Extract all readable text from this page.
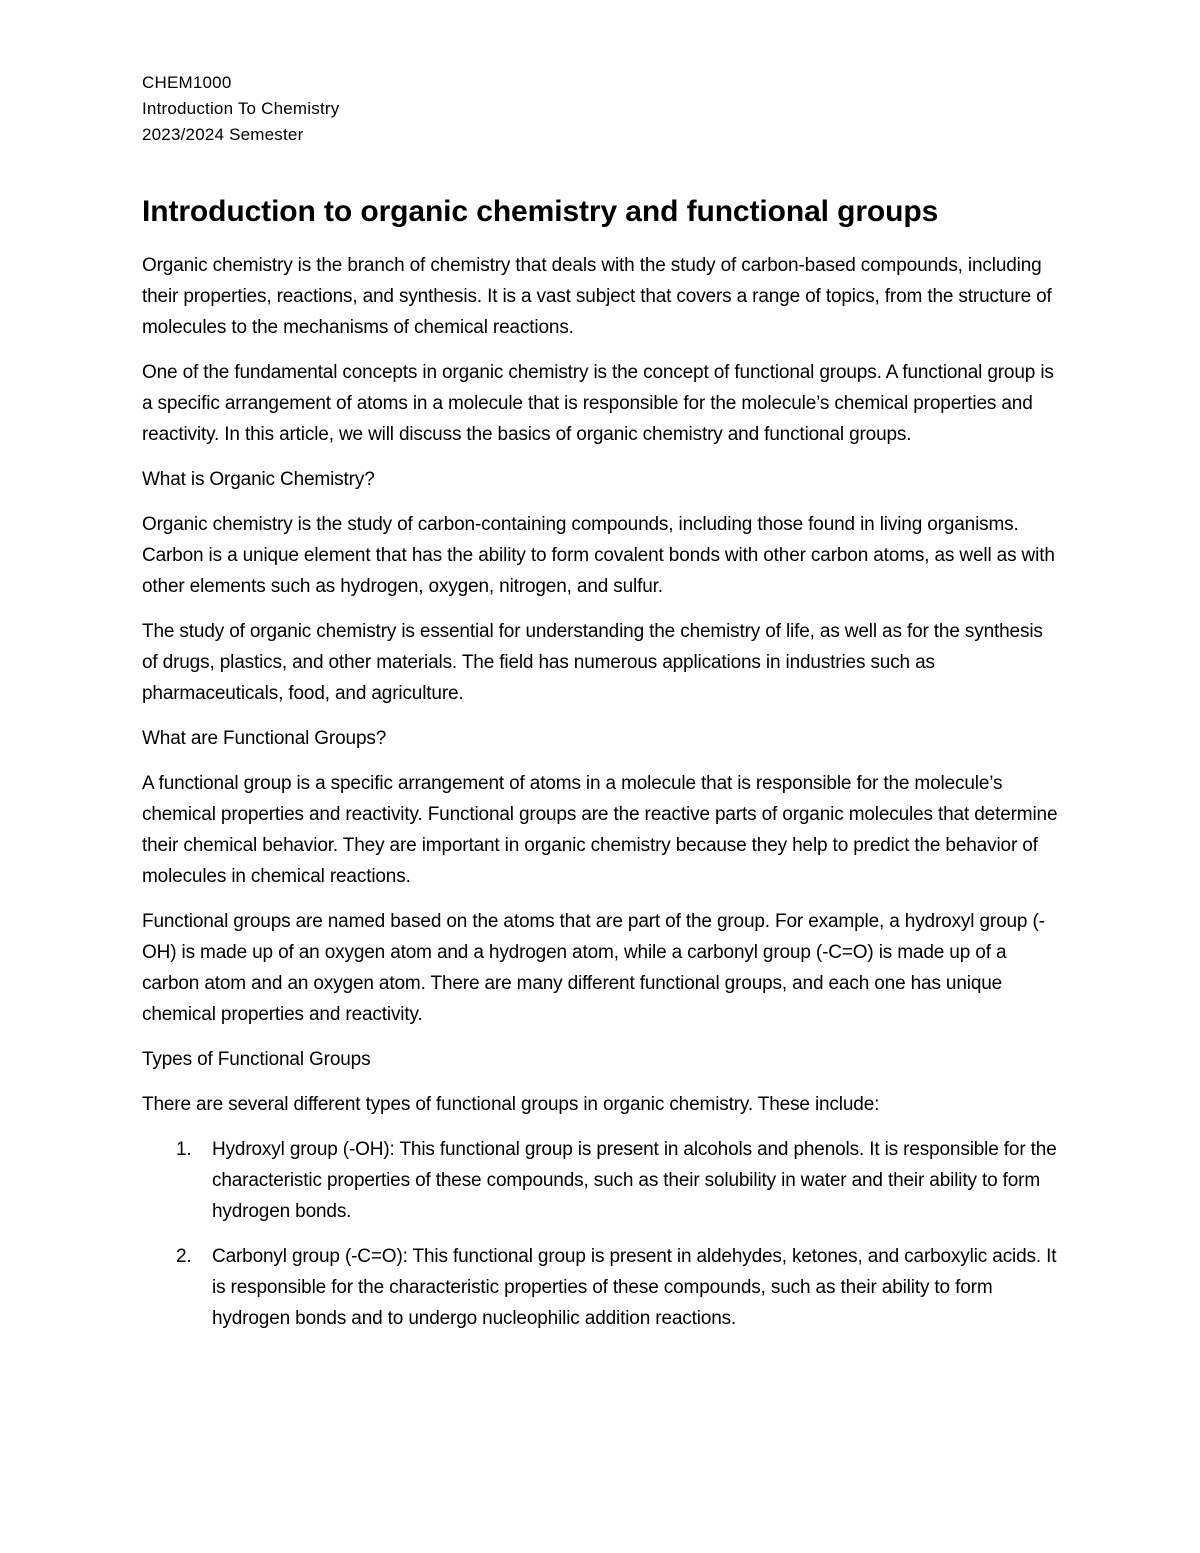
CHEM1000

Introduction To Chemistry

2023/2024 Semester

Introduction to organic chemistry and functional groups

Organic chemistry is the branch of chemistry that deals with the study of carbon-based compounds, including their properties, reactions, and synthesis. It is a vast subject that covers a range of topics, from the structure of molecules to the mechanisms of chemical reactions.

One of the fundamental concepts in organic chemistry is the concept of functional groups. A functional group is a specific arrangement of atoms in a molecule that is responsible for the molecule’s chemical properties and reactivity. In this article, we will discuss the basics of organic chemistry and functional groups.

What is Organic Chemistry?

Organic chemistry is the study of carbon-containing compounds, including those found in living organisms. Carbon is a unique element that has the ability to form covalent bonds with other carbon atoms, as well as with other elements such as hydrogen, oxygen, nitrogen, and sulfur.

The study of organic chemistry is essential for understanding the chemistry of life, as well as for the synthesis of drugs, plastics, and other materials. The field has numerous applications in industries such as pharmaceuticals, food, and agriculture.

What are Functional Groups?

A functional group is a specific arrangement of atoms in a molecule that is responsible for the molecule’s chemical properties and reactivity. Functional groups are the reactive parts of organic molecules that determine their chemical behavior. They are important in organic chemistry because they help to predict the behavior of molecules in chemical reactions.

Functional groups are named based on the atoms that are part of the group. For example, a hydroxyl group (-OH) is made up of an oxygen atom and a hydrogen atom, while a carbonyl group (-C=O) is made up of a carbon atom and an oxygen atom. There are many different functional groups, and each one has unique chemical properties and reactivity.

Types of Functional Groups

There are several different types of functional groups in organic chemistry. These include:

1. Hydroxyl group (-OH): This functional group is present in alcohols and phenols. It is responsible for the characteristic properties of these compounds, such as their solubility in water and their ability to form hydrogen bonds.
2. Carbonyl group (-C=O): This functional group is present in aldehydes, ketones, and carboxylic acids. It is responsible for the characteristic properties of these compounds, such as their ability to form hydrogen bonds and to undergo nucleophilic addition reactions.
